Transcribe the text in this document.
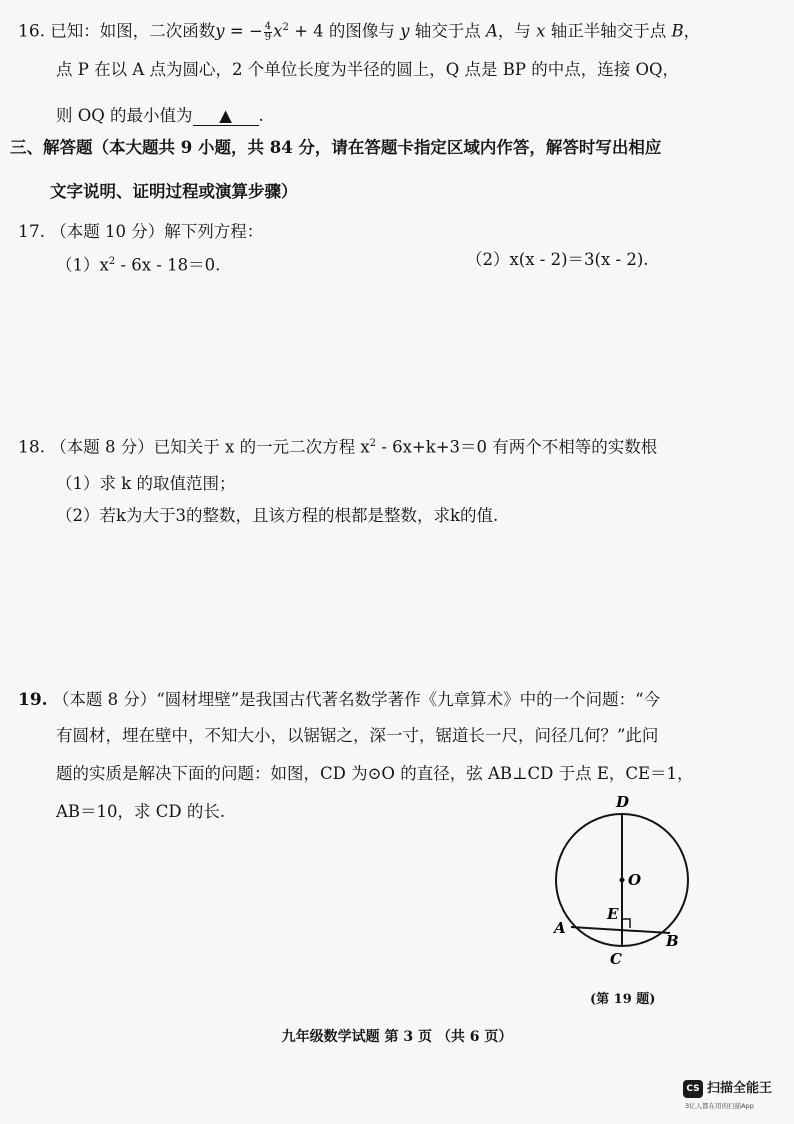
16. 已知：如图，二次函数y = − $\frac{4}{9} x^2 + 4$ 的图像与 y 轴交于点 A，与 x 轴正半轴交于点 B，
点 P 在以 A 点为圆心，2 个单位长度为半径的圆上，Q 点是 BP 的中点，连接 OQ，
则 OQ 的最小值为 ▲ .
三、解答题（本大题共 9 小题，共 84 分，请在答题卡指定区域内作答，解答时写出相应
文字说明、证明过程或演算步骤）
17. （本题 10 分）解下列方程：
$(1)x^2 - 6x - 18=0$.	（2）x(x - 2)＝3(x - 2).
18. （本题 8 分）已知关于 x 的一元二次方程 $x^2 - 6x+k+3=0$ 有两个不相等的实数根
（1）求 k 的取值范围；
（2）若k为大于3的整数，且该方程的根都是整数，求k的值.
19. （本题 8 分）“圆材埋壁”是我国古代著名数学著作《九章算术》中的一个问题：“今
有圆材，埋在壁中，不知大小，以锯锯之，深一寸，锯道长一尺，问径几何？”此问
题的实质是解决下面的问题：如图，CD 为⊙O 的直径，弦 AB⊥CD 于点 E，CE＝1，
AB＝10，求 CD 的长.	D
O
E
A
B
C
(第 19 题)
九年级数学试题 第 3 页 （共 6 页）
CS 扫描全能王
3亿人都在用的扫描App
